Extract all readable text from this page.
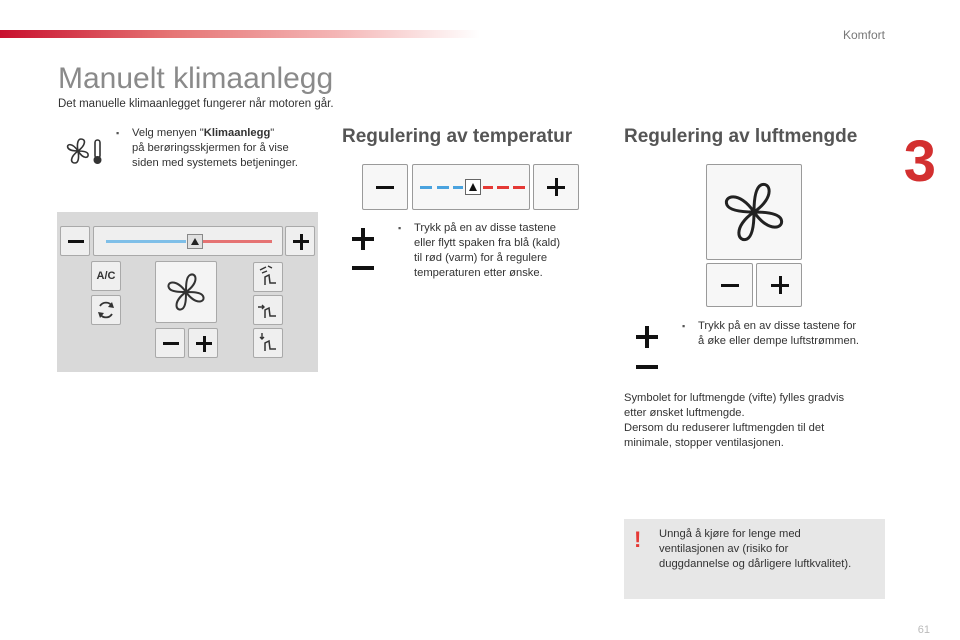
Komfort
3
Manuelt klimaanlegg

Det manuelle klimaanlegget fungerer når motoren går.

▪	Velg menyen "Klimaanlegg"
på berøringsskjermen for å vise
siden med systemets betjeninger.
A/C
Regulering av temperatur
▪	Trykk på en av disse tastene
eller flytt spaken fra blå (kald)
til rød (varm) for å regulere
temperaturen etter ønske.
Regulering av luftmengde
▪	Trykk på en av disse tastene for
å øke eller dempe luftstrømmen.
Symbolet for luftmengde (vifte) fylles gradvis
etter ønsket luftmengde.
Dersom du reduserer luftmengden til det
minimale, stopper ventilasjonen.
! Unngå å kjøre for lenge med
ventilasjonen av (risiko for
duggdannelse og dårligere luftkvalitet).
61
